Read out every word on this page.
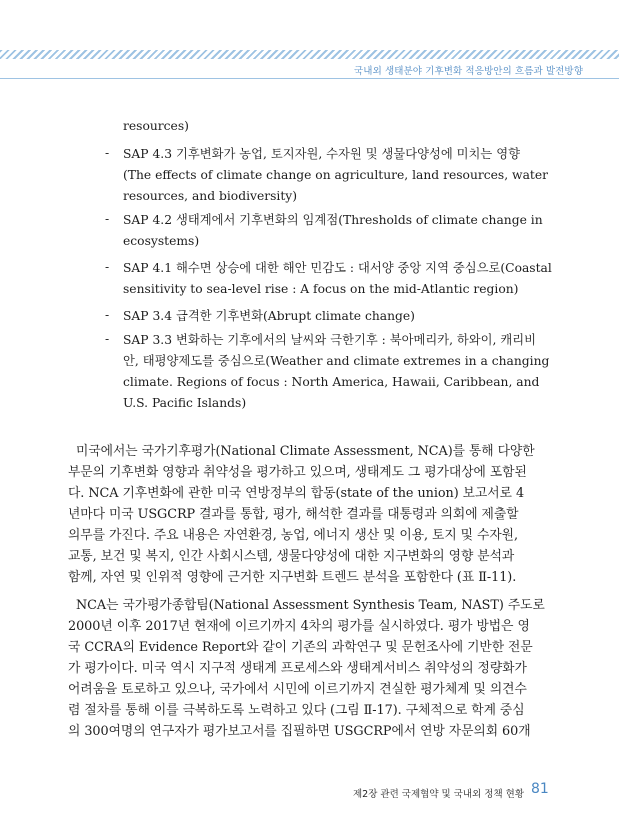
국내외 생태분야 기후변화 적응방안의 흐름과 발전방향
resources)
- SAP 4.3 기후변화가 농업, 토지자원, 수자원 및 생물다양성에 미치는 영향
(The effects of climate change on agriculture, land resources, water
resources, and biodiversity)
- SAP 4.2 생태계에서 기후변화의 임계점(Thresholds of climate change in
ecosystems)
- SAP 4.1 해수면 상승에 대한 해안 민감도 : 대서양 중앙 지역 중심으로(Coastal
sensitivity to sea-level rise : A focus on the mid-Atlantic region)
- SAP 3.4 급격한 기후변화(Abrupt climate change)
- SAP 3.3 변화하는 기후에서의 날씨와 극한기후 : 북아메리카, 하와이, 캐리비
안, 태평양제도를 중심으로(Weather and climate extremes in a changing
climate. Regions of focus : North America, Hawaii, Caribbean, and
U.S. Pacific Islands)
미국에서는 국가기후평가(National Climate Assessment, NCA)를 통해 다양한
부문의 기후변화 영향과 취약성을 평가하고 있으며, 생태계도 그 평가대상에 포함된
다. NCA 기후변화에 관한 미국 연방정부의 합동(state of the union) 보고서로 4
년마다 미국 USGCRP 결과를 통합, 평가, 해석한 결과를 대통령과 의회에 제출할
의무를 가진다. 주요 내용은 자연환경, 농업, 에너지 생산 및 이용, 토지 및 수자원,
교통, 보건 및 복지, 인간 사회시스템, 생물다양성에 대한 지구변화의 영향 분석과
함께, 자연 및 인위적 영향에 근거한 지구변화 트렌드 분석을 포함한다 (표 Ⅱ-11).
NCA는 국가평가종합팀(National Assessment Synthesis Team, NAST) 주도로
2000년 이후 2017년 현재에 이르기까지 4차의 평가를 실시하였다. 평가 방법은 영
국 CCRA의 Evidence Report와 같이 기존의 과학연구 및 문헌조사에 기반한 전문
가 평가이다. 미국 역시 지구적 생태계 프로세스와 생태계서비스 취약성의 정량화가
어려움을 토로하고 있으나, 국가에서 시민에 이르기까지 견실한 평가체계 및 의견수
렴 절차를 통해 이를 극복하도록 노력하고 있다 (그림 Ⅱ-17). 구체적으로 학계 중심
의 300여명의 연구자가 평가보고서를 집필하면 USGCRP에서 연방 자문의회 60개
제2장 관련 국제협약 및 국내외 정책 현황 81
